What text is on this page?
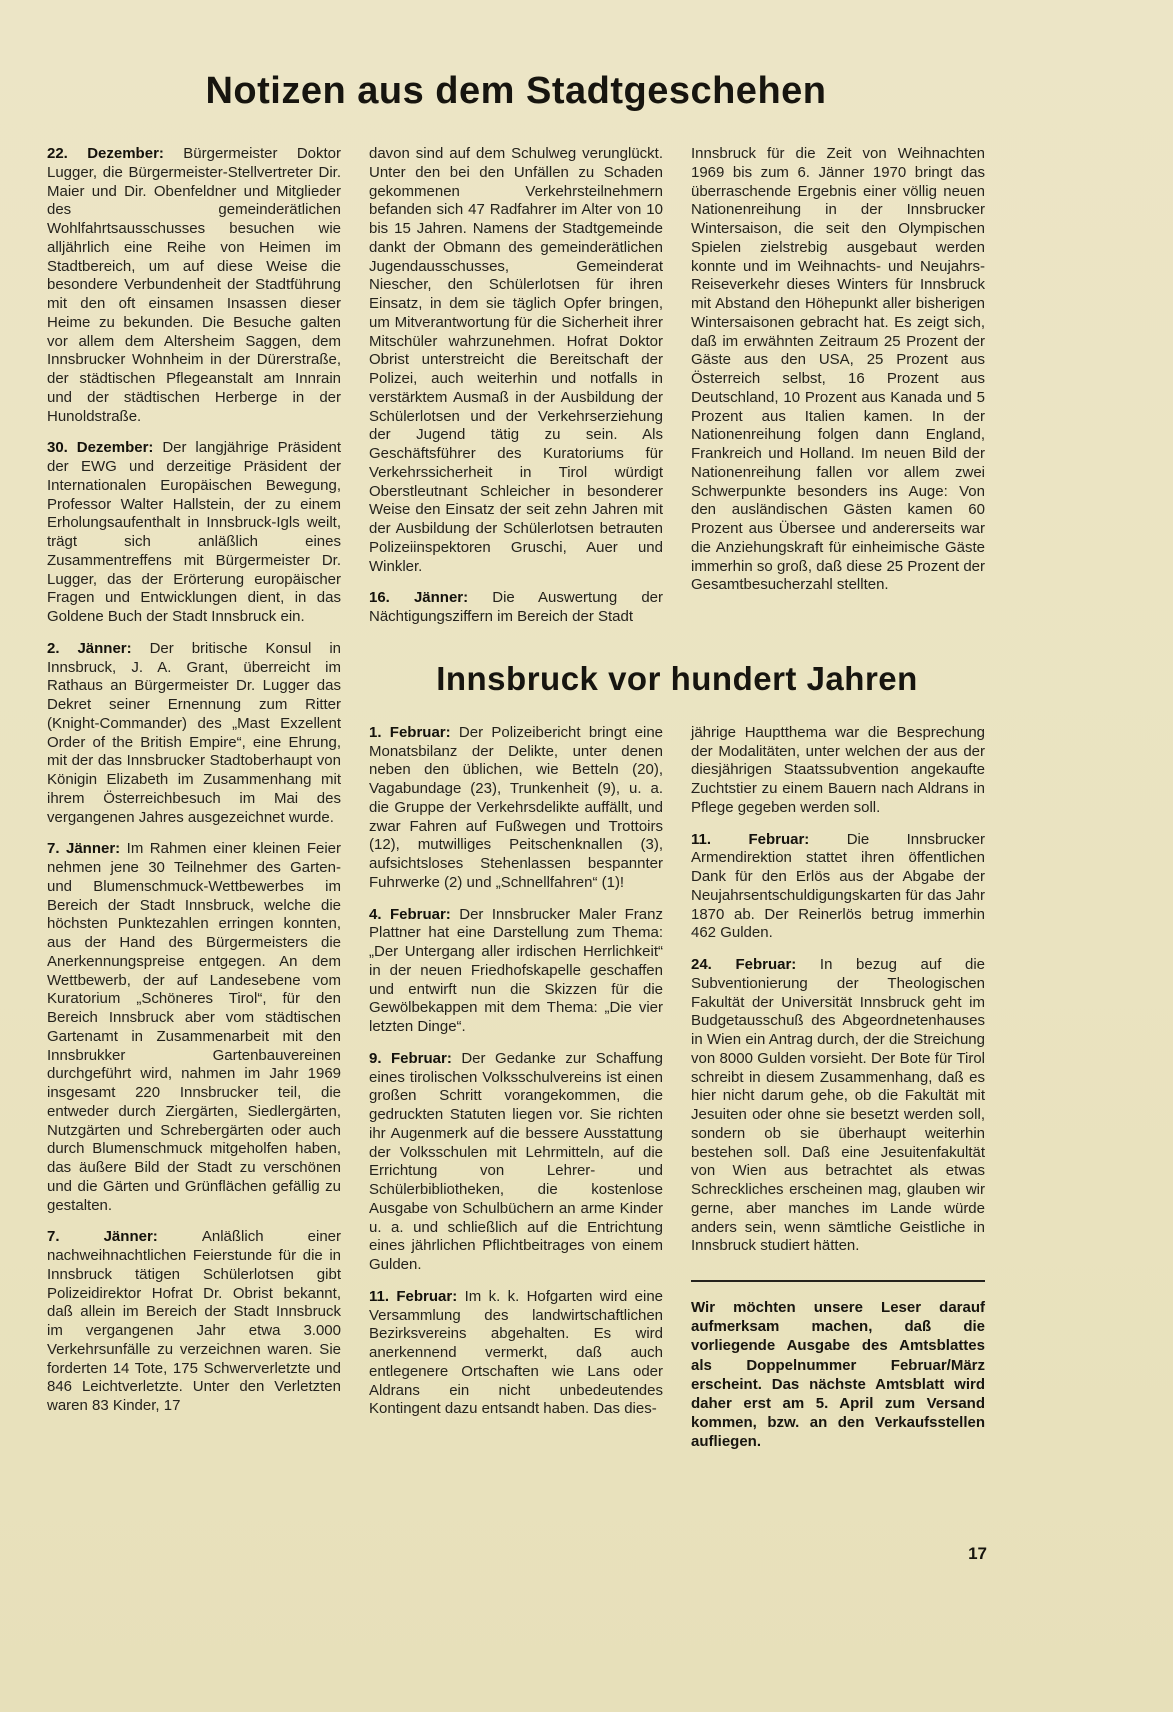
Notizen aus dem Stadtgeschehen

22. Dezember: Bürgermeister Doktor Lugger, die Bürgermeister-Stellvertreter Dir. Maier und Dir. Obenfeldner und Mitglieder des gemeinderätlichen Wohlfahrtsausschusses besuchen wie alljährlich eine Reihe von Heimen im Stadtbereich, um auf diese Weise die besondere Verbundenheit der Stadtführung mit den oft einsamen Insassen dieser Heime zu bekunden. Die Besuche galten vor allem dem Altersheim Saggen, dem Innsbrucker Wohnheim in der Dürerstraße, der städtischen Pflegeanstalt am Innrain und der städtischen Herberge in der Hunoldstraße.

30. Dezember: Der langjährige Präsident der EWG und derzeitige Präsident der Internationalen Europäischen Bewegung, Professor Walter Hallstein, der zu einem Erholungsaufenthalt in Innsbruck-Igls weilt, trägt sich anläßlich eines Zusammentreffens mit Bürgermeister Dr. Lugger, das der Erörterung europäischer Fragen und Entwicklungen dient, in das Goldene Buch der Stadt Innsbruck ein.

2. Jänner: Der britische Konsul in Innsbruck, J. A. Grant, überreicht im Rathaus an Bürgermeister Dr. Lugger das Dekret seiner Ernennung zum Ritter (Knight-Commander) des „Mast Exzellent Order of the British Empire“, eine Ehrung, mit der das Innsbrucker Stadtoberhaupt von Königin Elizabeth im Zusammenhang mit ihrem Österreichbesuch im Mai des vergangenen Jahres ausgezeichnet wurde.

7. Jänner: Im Rahmen einer kleinen Feier nehmen jene 30 Teilnehmer des Garten- und Blumenschmuck-Wettbewerbes im Bereich der Stadt Innsbruck, welche die höchsten Punktezahlen erringen konnten, aus der Hand des Bürgermeisters die Anerkennungspreise entgegen. An dem Wettbewerb, der auf Landesebene vom Kuratorium „Schöneres Tirol“, für den Bereich Innsbruck aber vom städtischen Gartenamt in Zusammenarbeit mit den Innsbrukker Gartenbauvereinen durchgeführt wird, nahmen im Jahr 1969 insgesamt 220 Innsbrucker teil, die entweder durch Ziergärten, Siedlergärten, Nutzgärten und Schrebergärten oder auch durch Blumenschmuck mitgeholfen haben, das äußere Bild der Stadt zu verschönen und die Gärten und Grünflächen gefällig zu gestalten.

7. Jänner: Anläßlich einer nachweihnachtlichen Feierstunde für die in Innsbruck tätigen Schülerlotsen gibt Polizeidirektor Hofrat Dr. Obrist bekannt, daß allein im Bereich der Stadt Innsbruck im vergangenen Jahr etwa 3.000 Verkehrsunfälle zu verzeichnen waren. Sie forderten 14 Tote, 175 Schwerverletzte und 846 Leichtverletzte. Unter den Verletzten waren 83 Kinder, 17

davon sind auf dem Schulweg verunglückt. Unter den bei den Unfällen zu Schaden gekommenen Verkehrsteilnehmern befanden sich 47 Radfahrer im Alter von 10 bis 15 Jahren. Namens der Stadtgemeinde dankt der Obmann des gemeinderätlichen Jugendausschusses, Gemeinderat Niescher, den Schülerlotsen für ihren Einsatz, in dem sie täglich Opfer bringen, um Mitverantwortung für die Sicherheit ihrer Mitschüler wahrzunehmen. Hofrat Doktor Obrist unterstreicht die Bereitschaft der Polizei, auch weiterhin und notfalls in verstärktem Ausmaß in der Ausbildung der Schülerlotsen und der Verkehrserziehung der Jugend tätig zu sein. Als Geschäftsführer des Kuratoriums für Verkehrssicherheit in Tirol würdigt Oberstleutnant Schleicher in besonderer Weise den Einsatz der seit zehn Jahren mit der Ausbildung der Schülerlotsen betrauten Polizeiinspektoren Gruschi, Auer und Winkler.

16. Jänner: Die Auswertung der Nächtigungsziffern im Bereich der Stadt

Innsbruck für die Zeit von Weihnachten 1969 bis zum 6. Jänner 1970 bringt das überraschende Ergebnis einer völlig neuen Nationenreihung in der Innsbrucker Wintersaison, die seit den Olympischen Spielen zielstrebig ausgebaut werden konnte und im Weihnachts- und Neujahrs-Reiseverkehr dieses Winters für Innsbruck mit Abstand den Höhepunkt aller bisherigen Wintersaisonen gebracht hat. Es zeigt sich, daß im erwähnten Zeitraum 25 Prozent der Gäste aus den USA, 25 Prozent aus Österreich selbst, 16 Prozent aus Deutschland, 10 Prozent aus Kanada und 5 Prozent aus Italien kamen. In der Nationenreihung folgen dann England, Frankreich und Holland. Im neuen Bild der Nationenreihung fallen vor allem zwei Schwerpunkte besonders ins Auge: Von den ausländischen Gästen kamen 60 Prozent aus Übersee und andererseits war die Anziehungskraft für einheimische Gäste immerhin so groß, daß diese 25 Prozent der Gesamtbesucherzahl stellten.

Innsbruck vor hundert Jahren

1. Februar: Der Polizeibericht bringt eine Monatsbilanz der Delikte, unter denen neben den üblichen, wie Betteln (20), Vagabundage (23), Trunkenheit (9), u. a. die Gruppe der Verkehrsdelikte auffällt, und zwar Fahren auf Fußwegen und Trottoirs (12), mutwilliges Peitschenknallen (3), aufsichtsloses Stehenlassen bespannter Fuhrwerke (2) und „Schnellfahren“ (1)!

4. Februar: Der Innsbrucker Maler Franz Plattner hat eine Darstellung zum Thema: „Der Untergang aller irdischen Herrlichkeit“ in der neuen Friedhofskapelle geschaffen und entwirft nun die Skizzen für die Gewölbekappen mit dem Thema: „Die vier letzten Dinge“.

9. Februar: Der Gedanke zur Schaffung eines tirolischen Volksschulvereins ist einen großen Schritt vorangekommen, die gedruckten Statuten liegen vor. Sie richten ihr Augenmerk auf die bessere Ausstattung der Volksschulen mit Lehrmitteln, auf die Errichtung von Lehrer- und Schülerbibliotheken, die kostenlose Ausgabe von Schulbüchern an arme Kinder u. a. und schließlich auf die Entrichtung eines jährlichen Pflichtbeitrages von einem Gulden.

11. Februar: Im k. k. Hofgarten wird eine Versammlung des landwirtschaftlichen Bezirksvereins abgehalten. Es wird anerkennend vermerkt, daß auch entlegenere Ortschaften wie Lans oder Aldrans ein nicht unbedeutendes Kontingent dazu entsandt haben. Das dies-

jährige Hauptthema war die Besprechung der Modalitäten, unter welchen der aus der diesjährigen Staatssubvention angekaufte Zuchtstier zu einem Bauern nach Aldrans in Pflege gegeben werden soll.

11. Februar: Die Innsbrucker Armendirektion stattet ihren öffentlichen Dank für den Erlös aus der Abgabe der Neujahrsentschuldigungskarten für das Jahr 1870 ab. Der Reinerlös betrug immerhin 462 Gulden.

24. Februar: In bezug auf die Subventionierung der Theologischen Fakultät der Universität Innsbruck geht im Budgetausschuß des Abgeordnetenhauses in Wien ein Antrag durch, der die Streichung von 8000 Gulden vorsieht. Der Bote für Tirol schreibt in diesem Zusammenhang, daß es hier nicht darum gehe, ob die Fakultät mit Jesuiten oder ohne sie besetzt werden soll, sondern ob sie überhaupt weiterhin bestehen soll. Daß eine Jesuitenfakultät von Wien aus betrachtet als etwas Schreckliches erscheinen mag, glauben wir gerne, aber manches im Lande würde anders sein, wenn sämtliche Geistliche in Innsbruck studiert hätten.

Wir möchten unsere Leser darauf aufmerksam machen, daß die vorliegende Ausgabe des Amtsblattes als Doppelnummer Februar/März erscheint. Das nächste Amtsblatt wird daher erst am 5. April zum Versand kommen, bzw. an den Verkaufsstellen aufliegen.

17
